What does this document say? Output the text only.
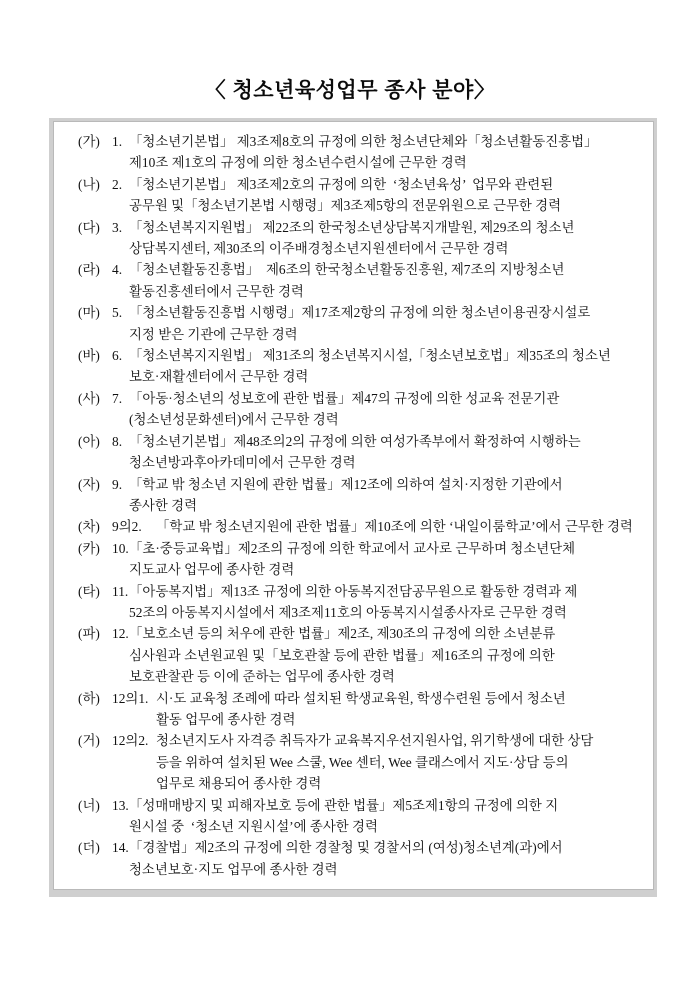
〈 청소년육성업무 종사 분야〉
(가) 1. 「청소년기본법」 제3조제8호의 규정에 의한 청소년단체와「청소년활동진흥법」
제10조 제1호의 규정에 의한 청소년수련시설에 근무한 경력
(나) 2. 「청소년기본법」 제3조제2호의 규정에 의한  ‘청소년육성’  업무와 관련된
공무원 및「청소년기본법 시행령」제3조제5항의 전문위원으로 근무한 경력
(다) 3. 「청소년복지지원법」 제22조의 한국청소년상담복지개발원, 제29조의 청소년
상담복지센터, 제30조의 이주배경청소년지원센터에서 근무한 경력
(라) 4. 「청소년활동진흥법」  제6조의 한국청소년활동진흥원, 제7조의 지방청소년
활동진흥센터에서 근무한 경력
(마) 5. 「청소년활동진흥법 시행령」제17조제2항의 규정에 의한 청소년이용권장시설로
지정 받은 기관에 근무한 경력
(바) 6. 「청소년복지지원법」 제31조의 청소년복지시설,「청소년보호법」제35조의 청소년
보호·재활센터에서 근무한 경력
(사) 7. 「아동·청소년의 성보호에 관한 법률」제47의 규정에 의한 성교육 전문기관
(청소년성문화센터)에서 근무한 경력
(아) 8. 「청소년기본법」제48조의2의 규정에 의한 여성가족부에서 확정하여 시행하는
청소년방과후아카데미에서 근무한 경력
(자) 9. 「학교 밖 청소년 지원에 관한 법률」제12조에 의하여 설치·지정한 기관에서
종사한 경력
(차) 9의2.	「학교 밖 청소년지원에 관한 법률」제10조에 의한 ‘내일이룸학교’에서 근무한 경력
(카) 10. 「초·중등교육법」제2조의 규정에 의한 학교에서 교사로 근무하며 청소년단체
지도교사 업무에 종사한 경력
(타) 11. 「아동복지법」제13조 규정에 의한 아동복지전담공무원으로 활동한 경력과 제
52조의 아동복지시설에서 제3조제11호의 아동복지시설종사자로 근무한 경력
(파) 12. 「보호소년 등의 처우에 관한 법률」제2조, 제30조의 규정에 의한 소년분류
심사원과 소년원교원 및「보호관찰 등에 관한 법률」제16조의 규정에 의한
보호관찰관 등 이에 준하는 업무에 종사한 경력
(하) 12의1. 시·도 교육청 조례에 따라 설치된 학생교육원, 학생수련원 등에서 청소년
활동 업무에 종사한 경력
(거) 12의2. 청소년지도사 자격증 취득자가 교육복지우선지원사업, 위기학생에 대한 상담
등을 위하여 설치된 Wee 스쿨, Wee 센터, Wee 클래스에서 지도·상담 등의
업무로 채용되어 종사한 경력
(너) 13. 「성매매방지 및 피해자보호 등에 관한 법률」제5조제1항의 규정에 의한 지
원시설 중  ‘청소년 지원시설’에 종사한 경력
(더) 14. 「경찰법」제2조의 규정에 의한 경찰청 및 경찰서의 (여성)청소년계(과)에서
청소년보호·지도 업무에 종사한 경력
